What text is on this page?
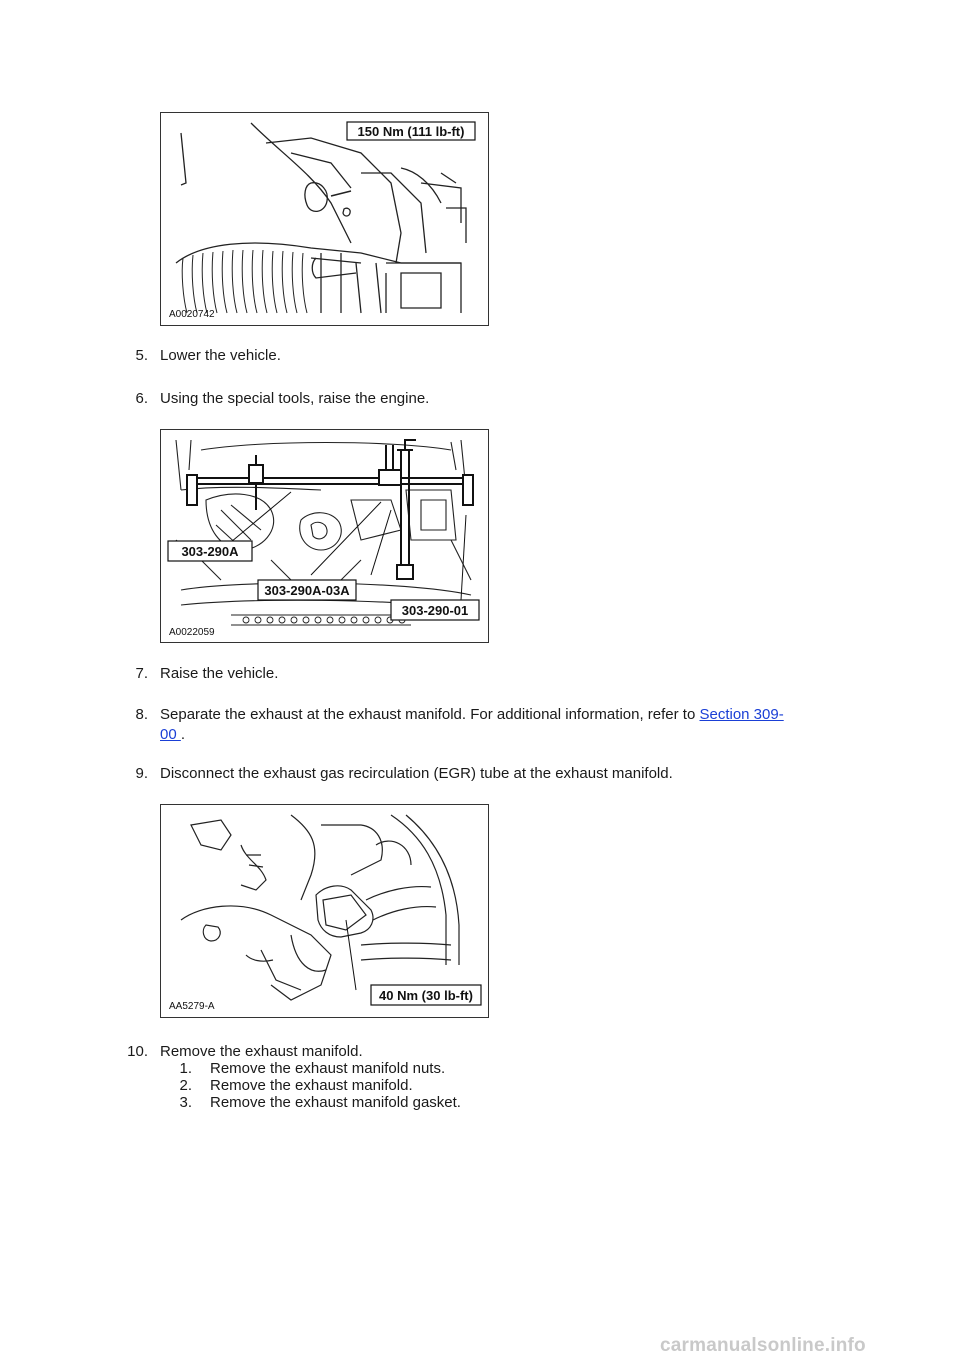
150 Nm (111 lb-ft)
A0020742
5. Lower the vehicle.
6. Using the special tools, raise the engine.
303-290A
303-290A-03A
303-290-01
A0022059
7. Raise the vehicle.
8. Separate the exhaust at the exhaust manifold. For additional information, refer to Section 309-
00 .
9. Disconnect the exhaust gas recirculation (EGR) tube at the exhaust manifold.
40 Nm (30 lb-ft)
AA5279-A
10. Remove the exhaust manifold.
1. Remove the exhaust manifold nuts.
2. Remove the exhaust manifold.
3. Remove the exhaust manifold gasket.
carmanualsonline.info
